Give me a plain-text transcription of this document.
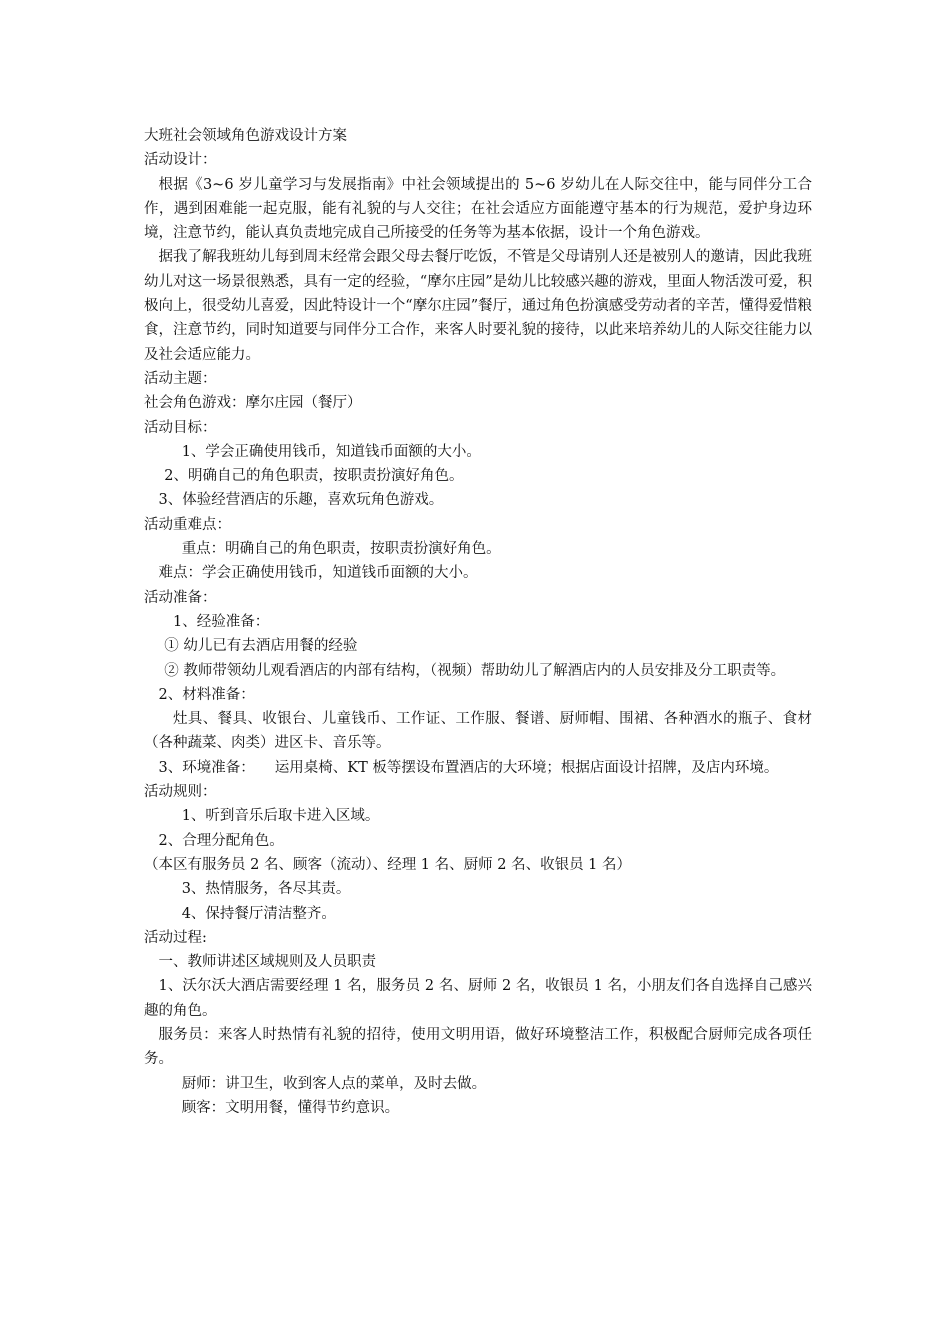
大班社会领域角色游戏设计方案

活动设计：

根据《3~6 岁儿童学习与发展指南》中社会领域提出的 5~6 岁幼儿在人际交往中，能与同伴分工合作，遇到困难能一起克服，能有礼貌的与人交往；在社会适应方面能遵守基本的行为规范，爱护身边环境，注意节约，能认真负责地完成自己所接受的任务等为基本依据，设计一个角色游戏。

据我了解我班幼儿每到周末经常会跟父母去餐厅吃饭，不管是父母请别人还是被别人的邀请，因此我班幼儿对这一场景很熟悉，具有一定的经验，“摩尔庄园”是幼儿比较感兴趣的游戏，里面人物活泼可爱，积极向上，很受幼儿喜爱，因此特设计一个“摩尔庄园”餐厅，通过角色扮演感受劳动者的辛苦，懂得爱惜粮食，注意节约，同时知道要与同伴分工合作，来客人时要礼貌的接待，以此来培养幼儿的人际交往能力以及社会适应能力。

活动主题：

社会角色游戏：摩尔庄园（餐厅）

活动目标：

1、学会正确使用钱币，知道钱币面额的大小。

2、明确自己的角色职责，按职责扮演好角色。

3、体验经营酒店的乐趣，喜欢玩角色游戏。

活动重难点：

重点：明确自己的角色职责，按职责扮演好角色。

难点：学会正确使用钱币，知道钱币面额的大小。

活动准备：

1、经验准备：

① 幼儿已有去酒店用餐的经验

② 教师带领幼儿观看酒店的内部有结构，（视频）帮助幼儿了解酒店内的人员安排及分工职责等。

2、材料准备：

灶具、餐具、收银台、儿童钱币、工作证、工作服、餐谱、厨师帽、围裙、各种酒水的瓶子、食材（各种蔬菜、肉类）进区卡、音乐等。

3、环境准备： 运用桌椅、KT 板等摆设布置酒店的大环境；根据店面设计招牌，及店内环境。

活动规则：

1、听到音乐后取卡进入区域。

2、合理分配角色。

（本区有服务员 2 名、顾客（流动）、经理 1 名、厨师 2 名、收银员 1 名）

3、热情服务，各尽其责。

4、保持餐厅清洁整齐。

活动过程:

一、教师讲述区域规则及人员职责

1、沃尔沃大酒店需要经理 1 名，服务员 2 名、厨师 2 名，收银员 1 名，小朋友们各自选择自己感兴趣的角色。

服务员：来客人时热情有礼貌的招待，使用文明用语，做好环境整洁工作，积极配合厨师完成各项任务。

厨师：讲卫生，收到客人点的菜单，及时去做。

顾客：文明用餐，懂得节约意识。
